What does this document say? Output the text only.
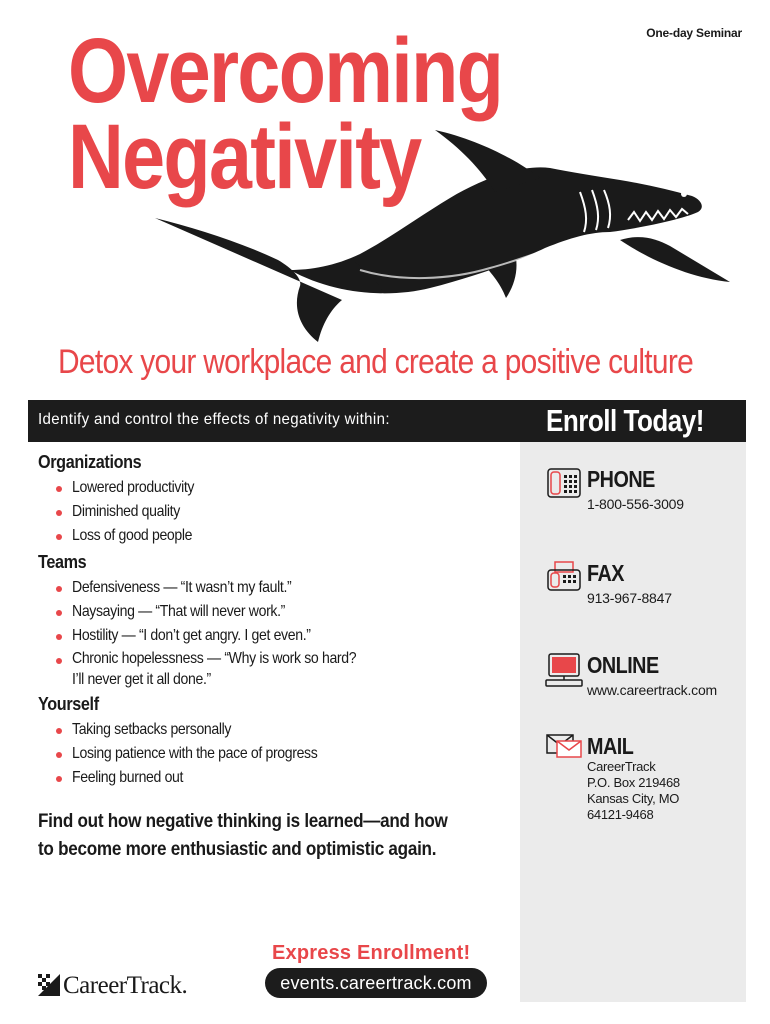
One-day Seminar
Overcoming
Negativity
Detox your workplace and create a positive culture
Identify and control the effects of negativity within:	Enroll Today!
Organizations
Lowered productivity
Diminished quality
Loss of good people
Teams
Defensiveness — “It wasn’t my fault.”
Naysaying — “That will never work.”
Hostility — “I don’t get angry. I get even.”
Chronic hopelessness — “Why is work so hard?
I’ll never get it all done.”
Yourself
Taking setbacks personally
Losing patience with the pace of progress
Feeling burned out
Find out how negative thinking is learned—and how to become more enthusiastic and optimistic again.
PHONE
1-800-556-3009
FAX
913-967-8847
ONLINE
www.careertrack.com
MAIL
CareerTrack
P.O. Box 219468
Kansas City, MO
64121-9468
Express Enrollment!
events.careertrack.com
CareerTrack.
